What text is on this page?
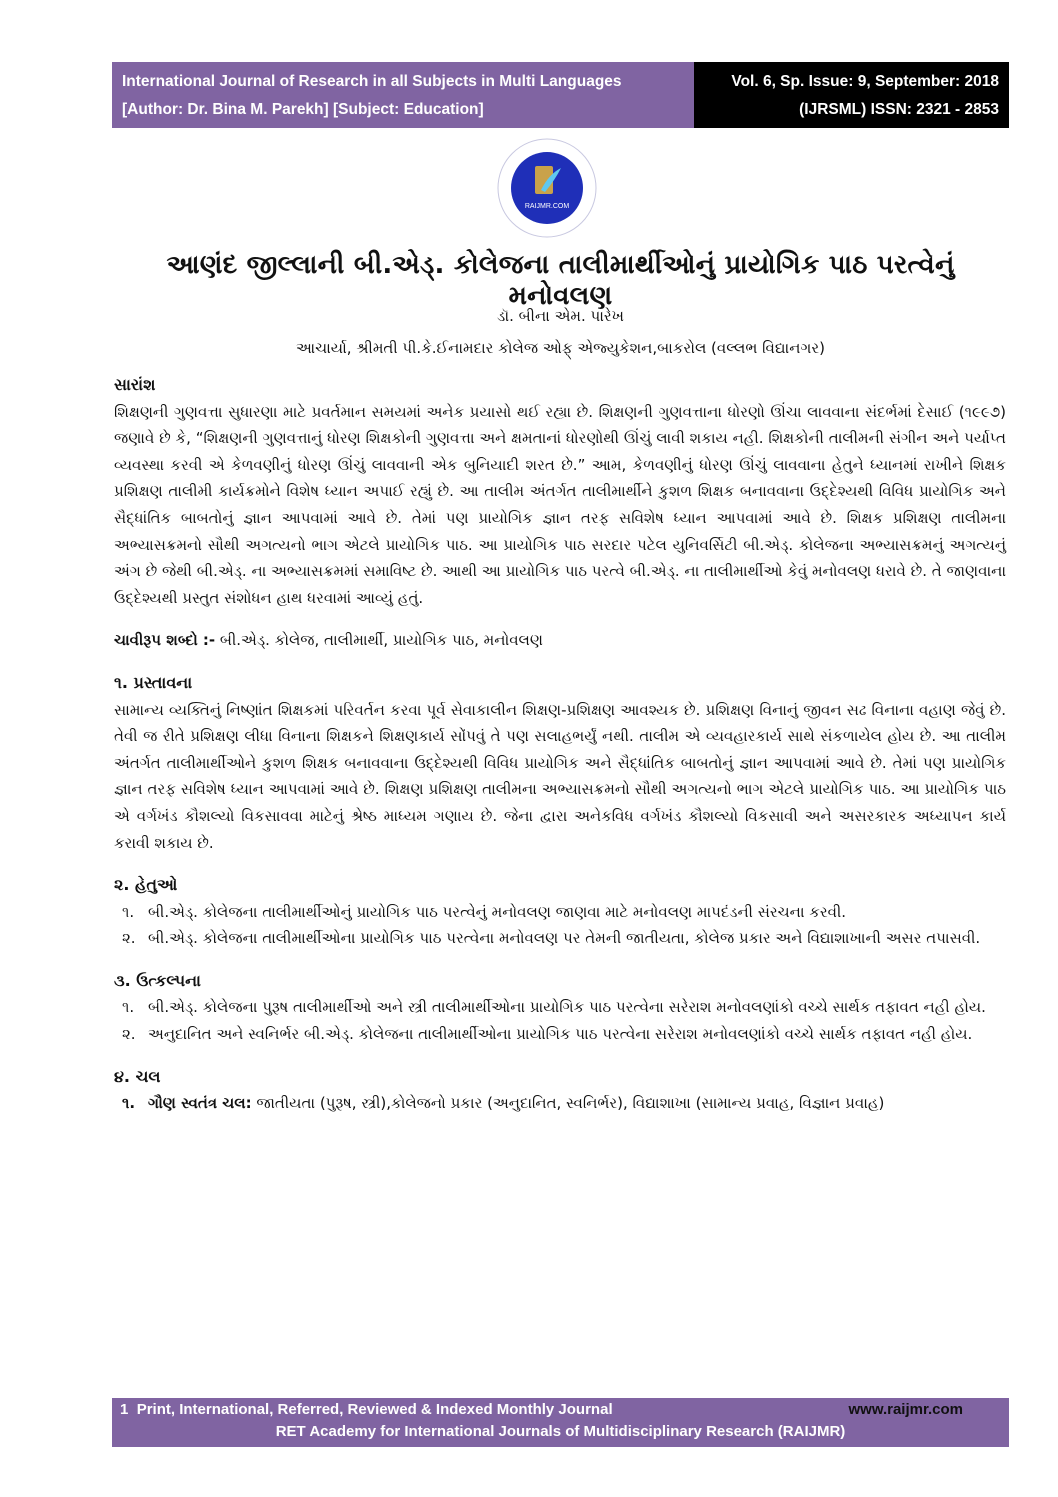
International Journal of Research in all Subjects in Multi Languages
[Author: Dr. Bina M. Parekh] [Subject: Education]
Vol. 6, Sp. Issue: 9, September: 2018
(IJRSML) ISSN: 2321 - 2853
RAIJMR.COM
આણંદ જીલ્લાની બી.એડ્. કોલેજના તાલીમાર્થીઓનું પ્રાયોગિક પાઠ પરત્વેનું મનોવલણ
ડૉ. બીના એમ. પારેખ
આચાર્યા, શ્રીમતી પી.કે.ઈનામદાર કોલેજ ઓફ્ એજ્યુકેશન,બાકરોલ (વલ્લભ વિદ્યાનગર)
સારાંશ

શિક્ષણની ગુણવત્તા સુધારણા માટે પ્રવર્તમાન સમયમાં અનેક પ્રયાસો થઈ રહ્યા છે. શિક્ષણની ગુણવત્તાના ધોરણો ઊંચા લાવવાના સંદર્ભમાં દેસાઈ (૧૯૯૭) જણાવે છે કે, “શિક્ષણની ગુણવત્તાનું ધોરણ શિક્ષકોની ગુણવત્તા અને ક્ષમતાનાં ધોરણોથી ઊંચું લાવી શકાય નહી. શિક્ષકોની તાલીમની સંગીન અને પર્યાપ્ત વ્યવસ્થા કરવી એ કેળવણીનું ધોરણ ઊંચું લાવવાની એક બુનિયાદી શરત છે.” આમ, કેળવણીનું ધોરણ ઊંચું લાવવાના હેતુને ધ્યાનમાં રાખીને શિક્ષક પ્રશિક્ષણ તાલીમી કાર્યક્રમોને વિશેષ ધ્યાન અપાઈ રહ્યું છે. આ તાલીમ અંતર્ગત તાલીમાર્થીને કુશળ શિક્ષક બનાવવાના ઉદ્દેશ્યથી વિવિધ પ્રાયોગિક અને સૈદ્ધાંતિક બાબતોનું જ્ઞાન આપવામાં આવે છે. તેમાં પણ પ્રાયોગિક જ્ઞાન તરફ સવિશેષ ધ્યાન આપવામાં આવે છે. શિક્ષક પ્રશિક્ષણ તાલીમના અભ્યાસક્રમનો સૌથી અગત્યનો ભાગ એટલે પ્રાયોગિક પાઠ. આ પ્રાયોગિક પાઠ સરદાર પટેલ યુનિવર્સિટી બી.એડ્. કોલેજના અભ્યાસક્રમનું અગત્યનું અંગ છે જેથી બી.એડ્. ના અભ્યાસક્રમમાં સમાવિષ્ટ છે. આથી આ પ્રાયોગિક પાઠ પરત્વે બી.એડ્. ના તાલીમાર્થીઓ કેવું મનોવલણ ધરાવે છે. તે જાણવાના ઉદ્દેશ્યથી પ્રસ્તુત સંશોધન હાથ ધરવામાં આવ્યું હતું.

ચાવીરૂપ શબ્દો :- બી.એડ્. કોલેજ, તાલીમાર્થી, પ્રાયોગિક પાઠ, મનોવલણ

૧. પ્રસ્તાવના

સામાન્ય વ્યક્તિનું નિષ્ણાંત શિક્ષકમાં પરિવર્તન કરવા પૂર્વ સેવાકાલીન શિક્ષણ-પ્રશિક્ષણ આવશ્યક છે. પ્રશિક્ષણ વિનાનું જીવન સઢ વિનાના વહાણ જેવું છે. તેવી જ રીતે પ્રશિક્ષણ લીધા વિનાના શિક્ષકને શિક્ષણકાર્ય સોંપવું તે પણ સલાહભર્યું નથી. તાલીમ એ વ્યવહારકાર્ય સાથે સંકળાયેલ હોય છે. આ તાલીમ અંતર્ગત તાલીમાર્થીઓને કુશળ શિક્ષક બનાવવાના ઉદ્દેશ્યથી વિવિધ પ્રાયોગિક અને સૈદ્ધાંતિક બાબતોનું જ્ઞાન આપવામાં આવે છે. તેમાં પણ પ્રાયોગિક જ્ઞાન તરફ સવિશેષ ધ્યાન આપવામાં આવે છે. શિક્ષણ પ્રશિક્ષણ તાલીમના અભ્યાસક્રમનો સૌથી અગત્યનો ભાગ એટલે પ્રાયોગિક પાઠ. આ પ્રાયોગિક પાઠ એ વર્ગખંડ કૌશલ્યો વિકસાવવા માટેનું શ્રેષ્ઠ માધ્યમ ગણાય છે. જેના દ્વારા અનેકવિધ વર્ગખંડ કૌશલ્યો વિકસાવી અને અસરકારક અધ્યાપન કાર્ય કરાવી શકાય છે.

૨. હેતુઓ
૧. બી.એડ્. કોલેજના તાલીમાર્થીઓનું પ્રાયોગિક પાઠ પરત્વેનું મનોવલણ જાણવા માટે મનોવલણ માપદંડની સંરચના કરવી.
૨. બી.એડ્. કોલેજના તાલીમાર્થીઓના પ્રાયોગિક પાઠ પરત્વેના મનોવલણ પર તેમની જાતીયતા, કોલેજ પ્રકાર અને વિદ્યાશાખાની અસર તપાસવી.
૩. ઉત્કલ્પના
૧. બી.એડ્. કોલેજના પુરૂષ તાલીમાર્થીઓ અને સ્ત્રી તાલીમાર્થીઓના પ્રાયોગિક પાઠ પરત્વેના સરેરાશ મનોવલણાંકો વચ્ચે સાર્થક તફાવત નહી હોય.
૨. અનુદાનિત અને સ્વનિર્ભર બી.એડ્. કોલેજના તાલીમાર્થીઓના પ્રાયોગિક પાઠ પરત્વેના સરેરાશ મનોવલણાંકો વચ્ચે સાર્થક તફાવત નહી હોય.
૪. ચલ
૧. ગૌણ સ્વતંત્ર ચલ: જાતીયતા (પુરૂષ, સ્ત્રી),કોલેજનો પ્રકાર (અનુદાનિત, સ્વનિર્ભર), વિદ્યાશાખા (સામાન્ય પ્રવાહ, વિજ્ઞાન પ્રવાહ)
1 Print, International, Referred, Reviewed & Indexed Monthly Journal	www.raijmr.com
RET Academy for International Journals of Multidisciplinary Research (RAIJMR)
